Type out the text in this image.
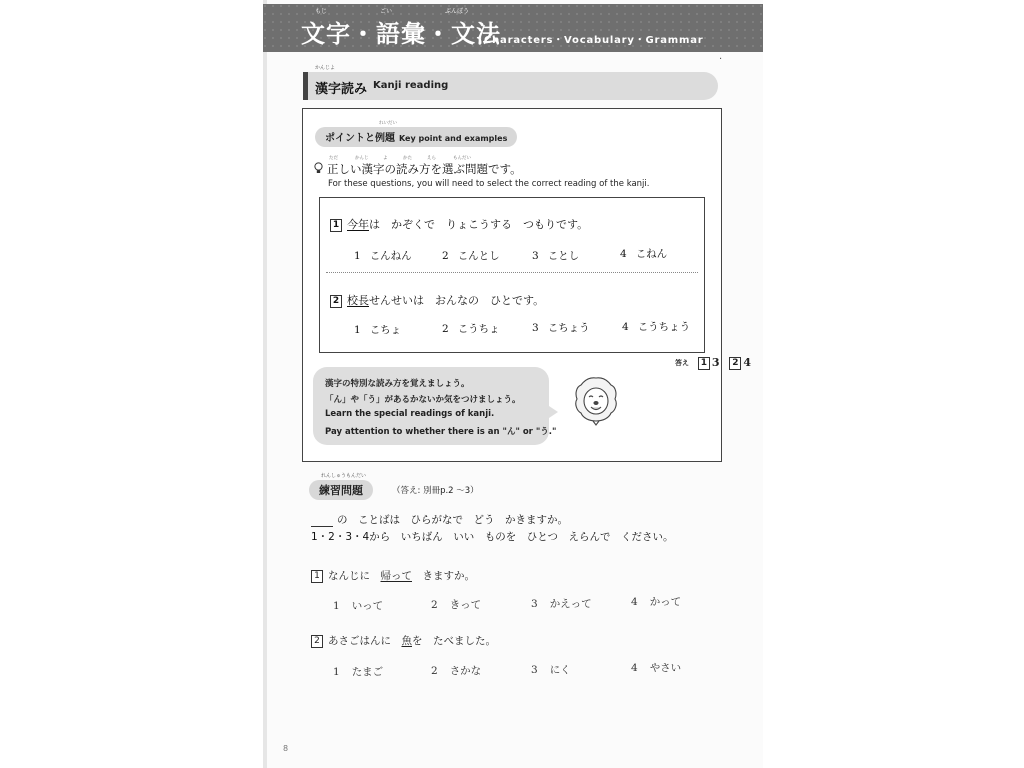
もじ	ごい	ぶんぽう
文字・語彙・文法
Characters・Vocabulary・Grammar
·
かんじよ
漢字読み Kanji reading
れいだい
ポイントと例題 Key point and examples
ただ	かんじ	よ	かた	えら	もんだい
正しい漢字の読み方を選ぶ問題です。
For these questions, you will need to select the correct reading of the kanji.
1 今年は　かぞくで　りょこうする　つもりです。
1 こんねん	2 こんとし	3 ことし	4 こねん
2 校長せんせいは　おんなの　ひとです。
1 こちょ	2 こうちょ	3 こちょう	4 こうちょう
答え 1 3 2 4

漢字の特別な読み方を覚えましょう。

「ん」や「う」があるかないか気をつけましょう。

Learn the special readings of kanji.

Pay attention to whether there is an "ん" or "う."

れんしゅうもんだい
練習問題	（答え: 別冊p.2 〜3）
の　ことばは　ひらがなで　どう　かきますか。
1・2・3・4から　いちばん　いい　ものを　ひとつ　えらんで　ください。
1 なんじに　帰って　きますか。
1 いって	2 きって	3 かえって	4 かって
2 あさごはんに　魚を　たべました。
1 たまご	2 さかな	3 にく	4 やさい
8
